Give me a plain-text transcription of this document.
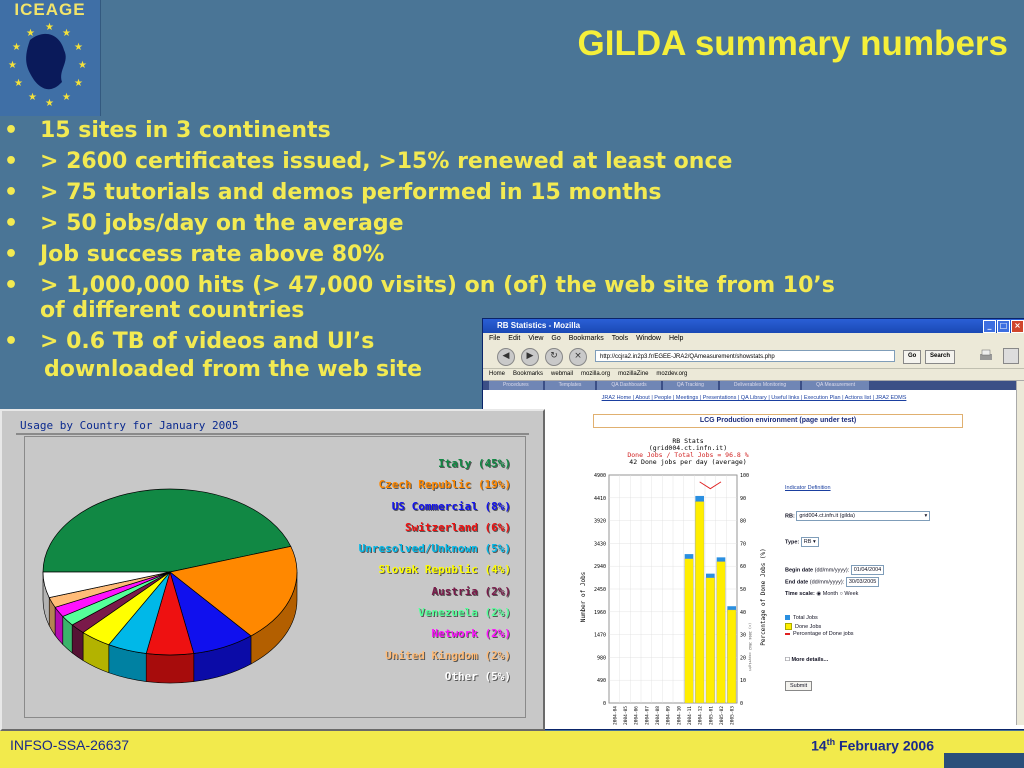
ICEAGE
★
★
★
★
★
★
★
★
★
★
★
★	GILDA summary numbers
• 15 sites in 3 continents
• > 2600 certificates issued, >15% renewed at least once
• > 75 tutorials and demos performed in 15 months
• > 50 jobs/day on the average
• Job success rate above 80%
• > 1,000,000 hits (> 47,000 visits) on (of) the web site from 10’s of different countries
• > 0.6 TB of videos and UI’s
downloaded from the web site
RB Statistics - Mozilla	_	□ ×
File Edit View Go Bookmarks Tools Window Help
◀	▶	↻	×	http://ccjra2.in2p3.fr/EGEE-JRA2/QAmeasurement/showstats.php	Go	Search
Home Bookmarks webmail mozilla.org mozillaZine mozdev.org
Procedures	Templates	QA Dashboards	QA Tracking	Deliverables Monitoring	QA Measurement
JRA2 Home | About | People | Meetings | Presentations | QA Library | Useful links | Execution Plan | Actions list | JRA2 EDMS
LCG Production environment (page under test)
RB Stats
(grid004.ct.infn.it)
Done Jobs / Total Jobs = 96.8 %
42 Done jobs per day (average)
Number of Jobs	Percentage of Done Jobs (%)
(c) 2004 JRA2 copyright
0	0
490	10
980	20
1470	30
1960	40
2450	50
2940	60
3430	70
3920	80
4410	90
4900	100
2004-04 2004-05 2004-06 2004-07 2004-08 2004-09 2004-10 2004-11 2004-12 2005-01 2005-02 2005-03
Indicator Definition
RB: grid004.ct.infn.it (gilda)	▾
Type: RB ▾
Begin date (dd/mm/yyyy): 01/04/2004
End date (dd/mm/yyyy): 30/03/2005
Time scale: ◉ Month ○ Week
Total Jobs
Done Jobs
Percentage of Done jobs
☐ More details...
Submit
Usage by Country for January 2005
Italy (45%)
Czech Republic (19%)
US Commercial (8%)
Switzerland (6%)
Unresolved/Unknown (5%)
Slovak Republic (4%)
Austria (2%)
Venezuela (2%)
Network (2%)
United Kingdom (2%)
Other (5%)
INFSO-SSA-26637	14th February 2006
